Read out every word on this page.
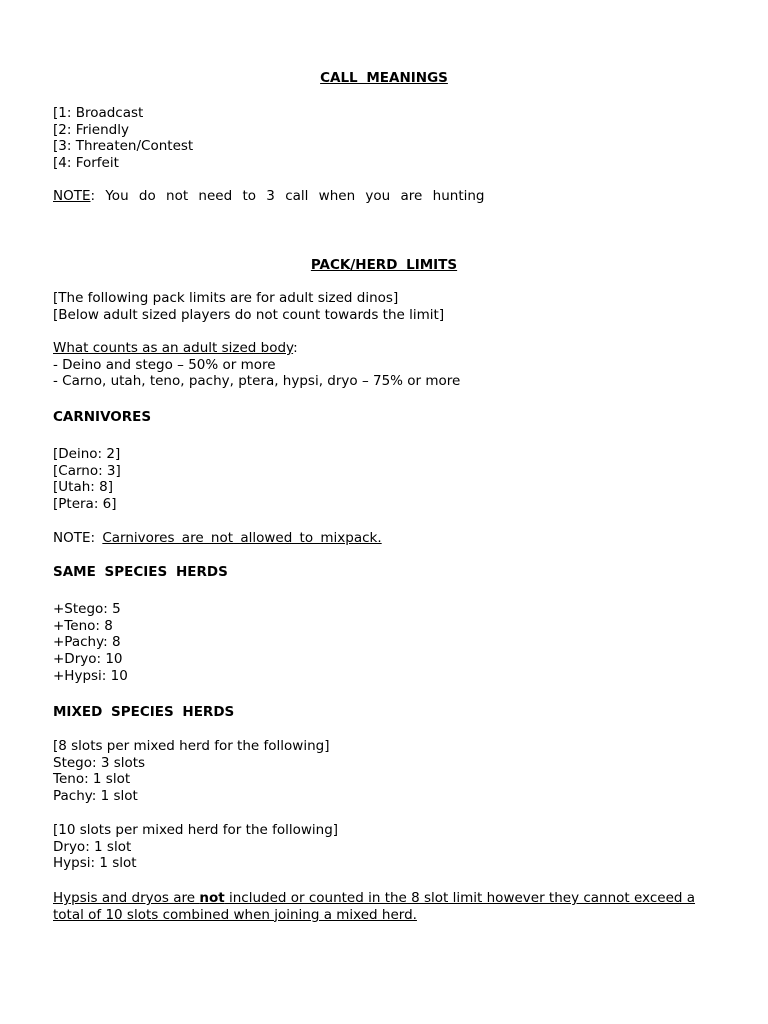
CALL MEANINGS
[1: Broadcast
[2: Friendly
[3: Threaten/Contest
[4: Forfeit
NOTE: You do not need to 3 call when you are hunting
PACK/HERD LIMITS
[The following pack limits are for adult sized dinos]
[Below adult sized players do not count towards the limit]
What counts as an adult sized body:
- Deino and stego – 50% or more
- Carno, utah, teno, pachy, ptera, hypsi, dryo – 75% or more
CARNIVORES
[Deino: 2]
[Carno: 3]
[Utah: 8]
[Ptera: 6]
NOTE: Carnivores are not allowed to mixpack.
SAME SPECIES HERDS
+Stego: 5
+Teno: 8
+Pachy: 8
+Dryo: 10
+Hypsi: 10
MIXED SPECIES HERDS
[8 slots per mixed herd for the following]
Stego: 3 slots
Teno: 1 slot
Pachy: 1 slot
[10 slots per mixed herd for the following]
Dryo: 1 slot
Hypsi: 1 slot
Hypsis and dryos are not included or counted in the 8 slot limit however they cannot exceed a total of 10 slots combined when joining a mixed herd.
